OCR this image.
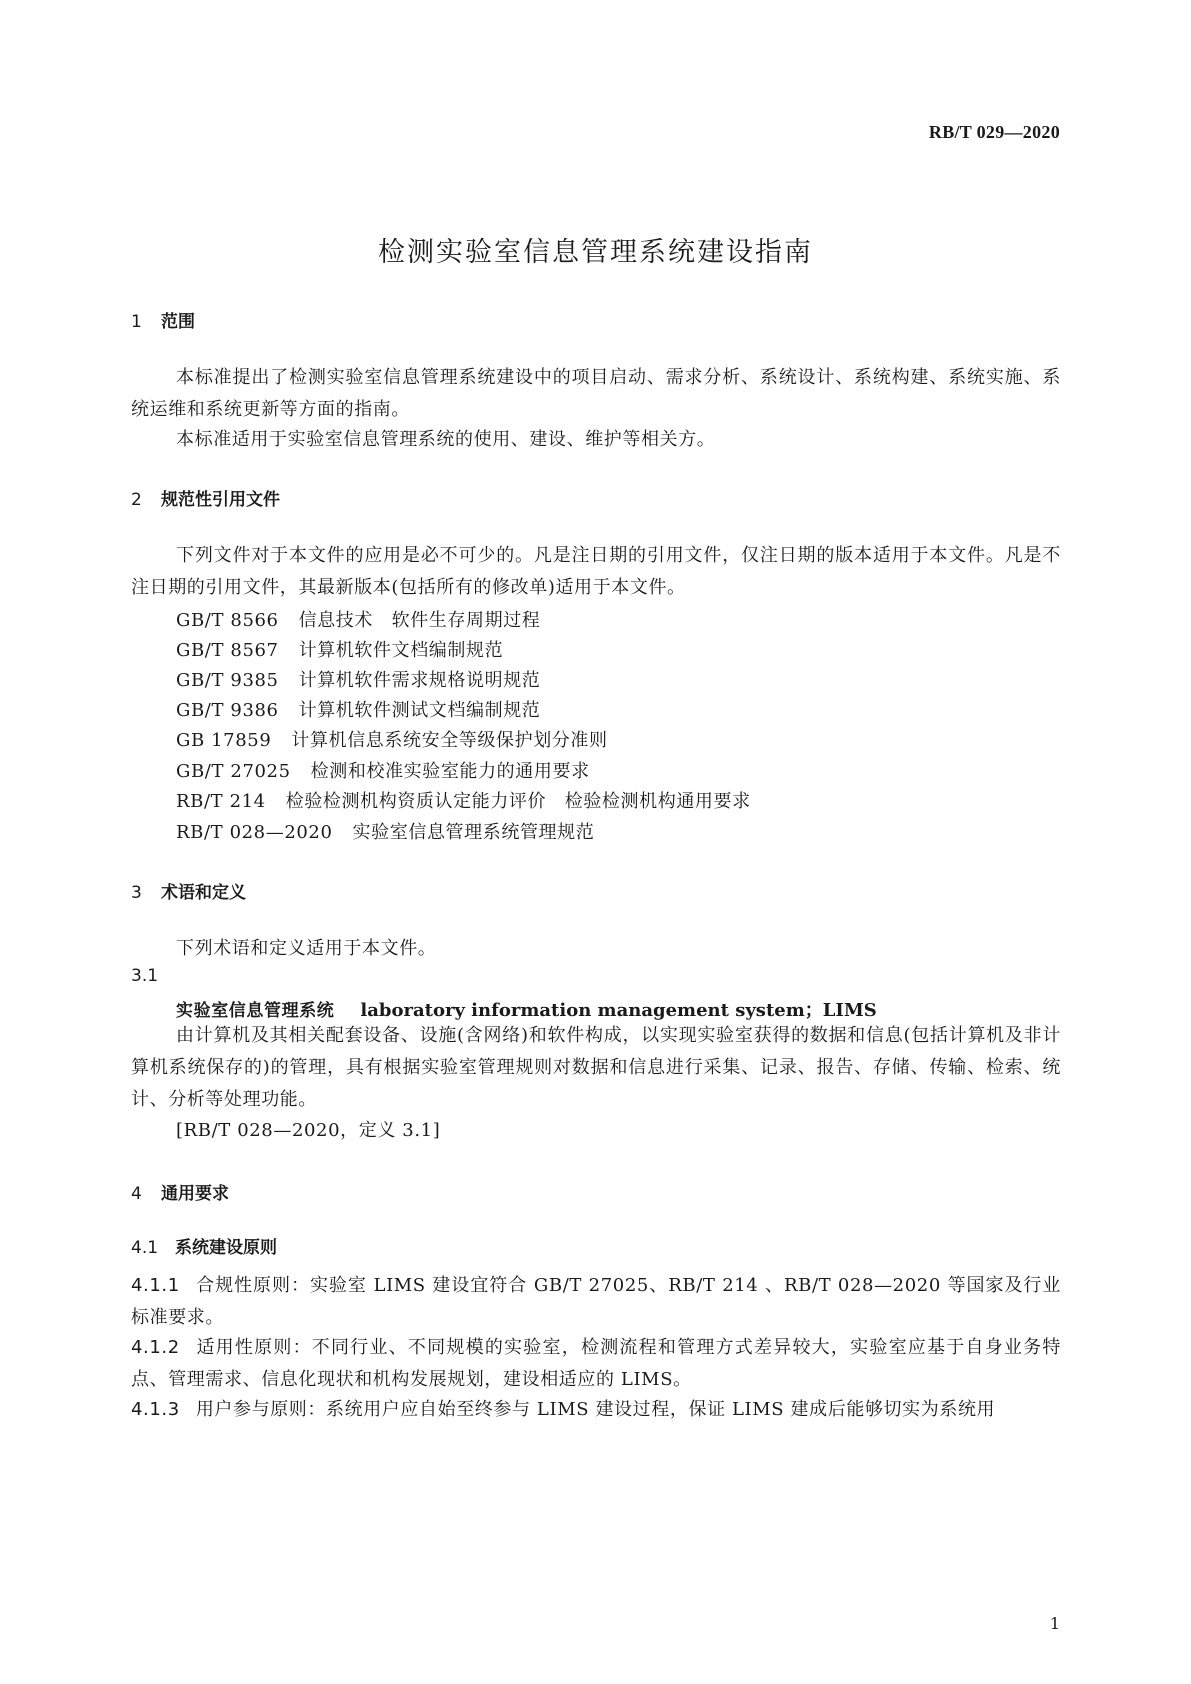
RB/T 029—2020
检测实验室信息管理系统建设指南
1 范围
本标准提出了检测实验室信息管理系统建设中的项目启动、需求分析、系统设计、系统构建、系统实施、系统运维和系统更新等方面的指南。
本标准适用于实验室信息管理系统的使用、建设、维护等相关方。
2 规范性引用文件
下列文件对于本文件的应用是必不可少的。凡是注日期的引用文件，仅注日期的版本适用于本文件。凡是不注日期的引用文件，其最新版本(包括所有的修改单)适用于本文件。
GB/T 8566 信息技术　软件生存周期过程
GB/T 8567 计算机软件文档编制规范
GB/T 9385 计算机软件需求规格说明规范
GB/T 9386 计算机软件测试文档编制规范
GB 17859 计算机信息系统安全等级保护划分准则
GB/T 27025 检测和校准实验室能力的通用要求
RB/T 214 检验检测机构资质认定能力评价　检验检测机构通用要求
RB/T 028—2020 实验室信息管理系统管理规范
3 术语和定义
下列术语和定义适用于本文件。
3.1
实验室信息管理系统 laboratory information management system；LIMS
由计算机及其相关配套设备、设施(含网络)和软件构成，以实现实验室获得的数据和信息(包括计算机及非计算机系统保存的)的管理，具有根据实验室管理规则对数据和信息进行采集、记录、报告、存储、传输、检索、统计、分析等处理功能。
[RB/T 028—2020，定义 3.1]
4 通用要求
4.1 系统建设原则
4.1.1 合规性原则：实验室 LIMS 建设宜符合 GB/T 27025、RB/T 214 、RB/T 028—2020 等国家及行业标准要求。
4.1.2 适用性原则：不同行业、不同规模的实验室，检测流程和管理方式差异较大，实验室应基于自身业务特点、管理需求、信息化现状和机构发展规划，建设相适应的 LIMS。
4.1.3 用户参与原则：系统用户应自始至终参与 LIMS 建设过程，保证 LIMS 建成后能够切实为系统用
1
